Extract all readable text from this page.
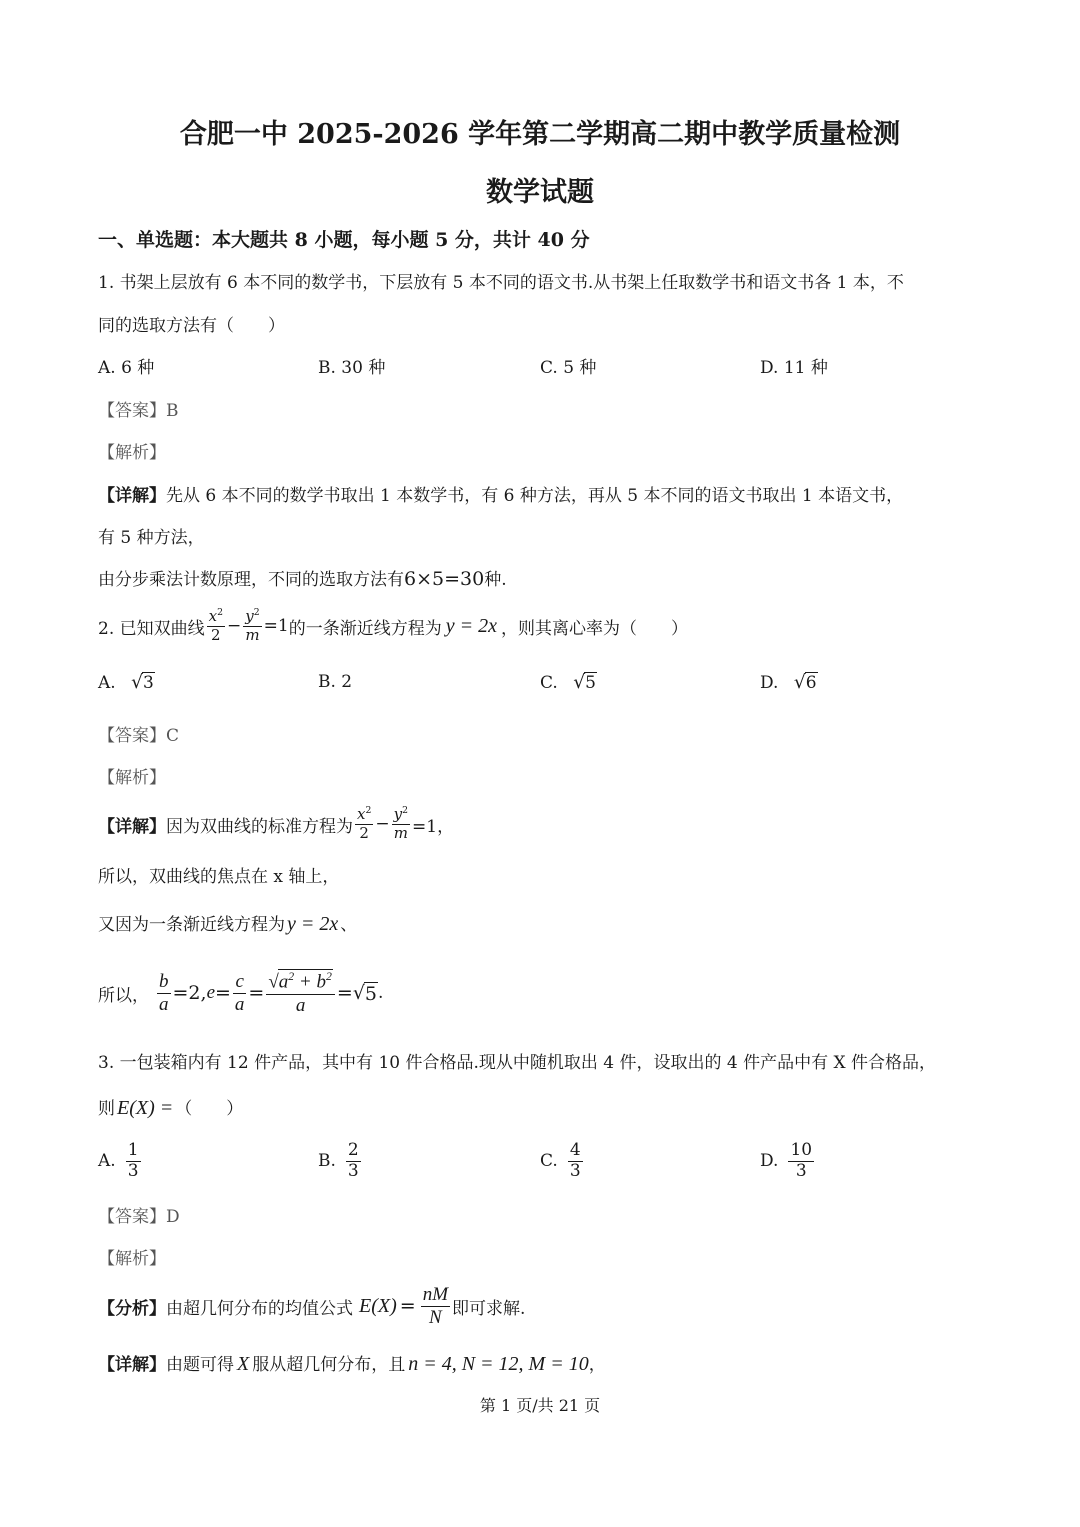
合肥一中 2025-2026 学年第二学期高二期中教学质量检测
数学试题
一、单选题：本大题共 8 小题，每小题 5 分，共计 40 分
1. 书架上层放有 6 本不同的数学书，下层放有 5 本不同的语文书.从书架上任取数学书和语文书各 1 本，不
同的选取方法有（　　）
A. 6 种	B. 30 种	C. 5 种	D. 11 种
【答案】B
【解析】
【详解】先从 6 本不同的数学书取出 1 本数学书，有 6 种方法，再从 5 本不同的语文书取出 1 本语文书，
有 5 种方法，
由分步乘法计数原理，不同的选取方法有6×5=30种.
2. 已知双曲线 $\frac{x^2}{2} - \frac{y^2}{m} =1$ 的一条渐近线方程为 y = 2x ，则其离心率为（　　）
A. √3	B. 2	C. √5	D. √6
【答案】C
【解析】
【详解】 因为双曲线的标准方程为 $\frac{x^2}{2} - \frac{y^2}{m} =1$，
所以，双曲线的焦点在 x 轴上，
又因为一条渐近线方程为 y = 2x 、
所以， $\frac{b}{a} =2$, $e = \frac{c}{a} = \frac{√a^2 + b^2}{a}$ = √ 5 .
3. 一包装箱内有 12 件产品，其中有 10 件合格品.现从中随机取出 4 件，设取出的 4 件产品中有 X 件合格品，
则 E(X) = （　　）
A. $\frac{1}{3}$	B. $\frac{2}{3}$	C. $\frac{4}{3}$	D. $\frac{10}{3}$
【答案】D
【解析】
【分析】 由超几何分布的均值公式 $E(X) = \frac{nM}{N}$ 即可求解.
【详解】由题可得 X 服从超几何分布，且 n = 4, N = 12, M = 10，
第 1 页/共 21 页
